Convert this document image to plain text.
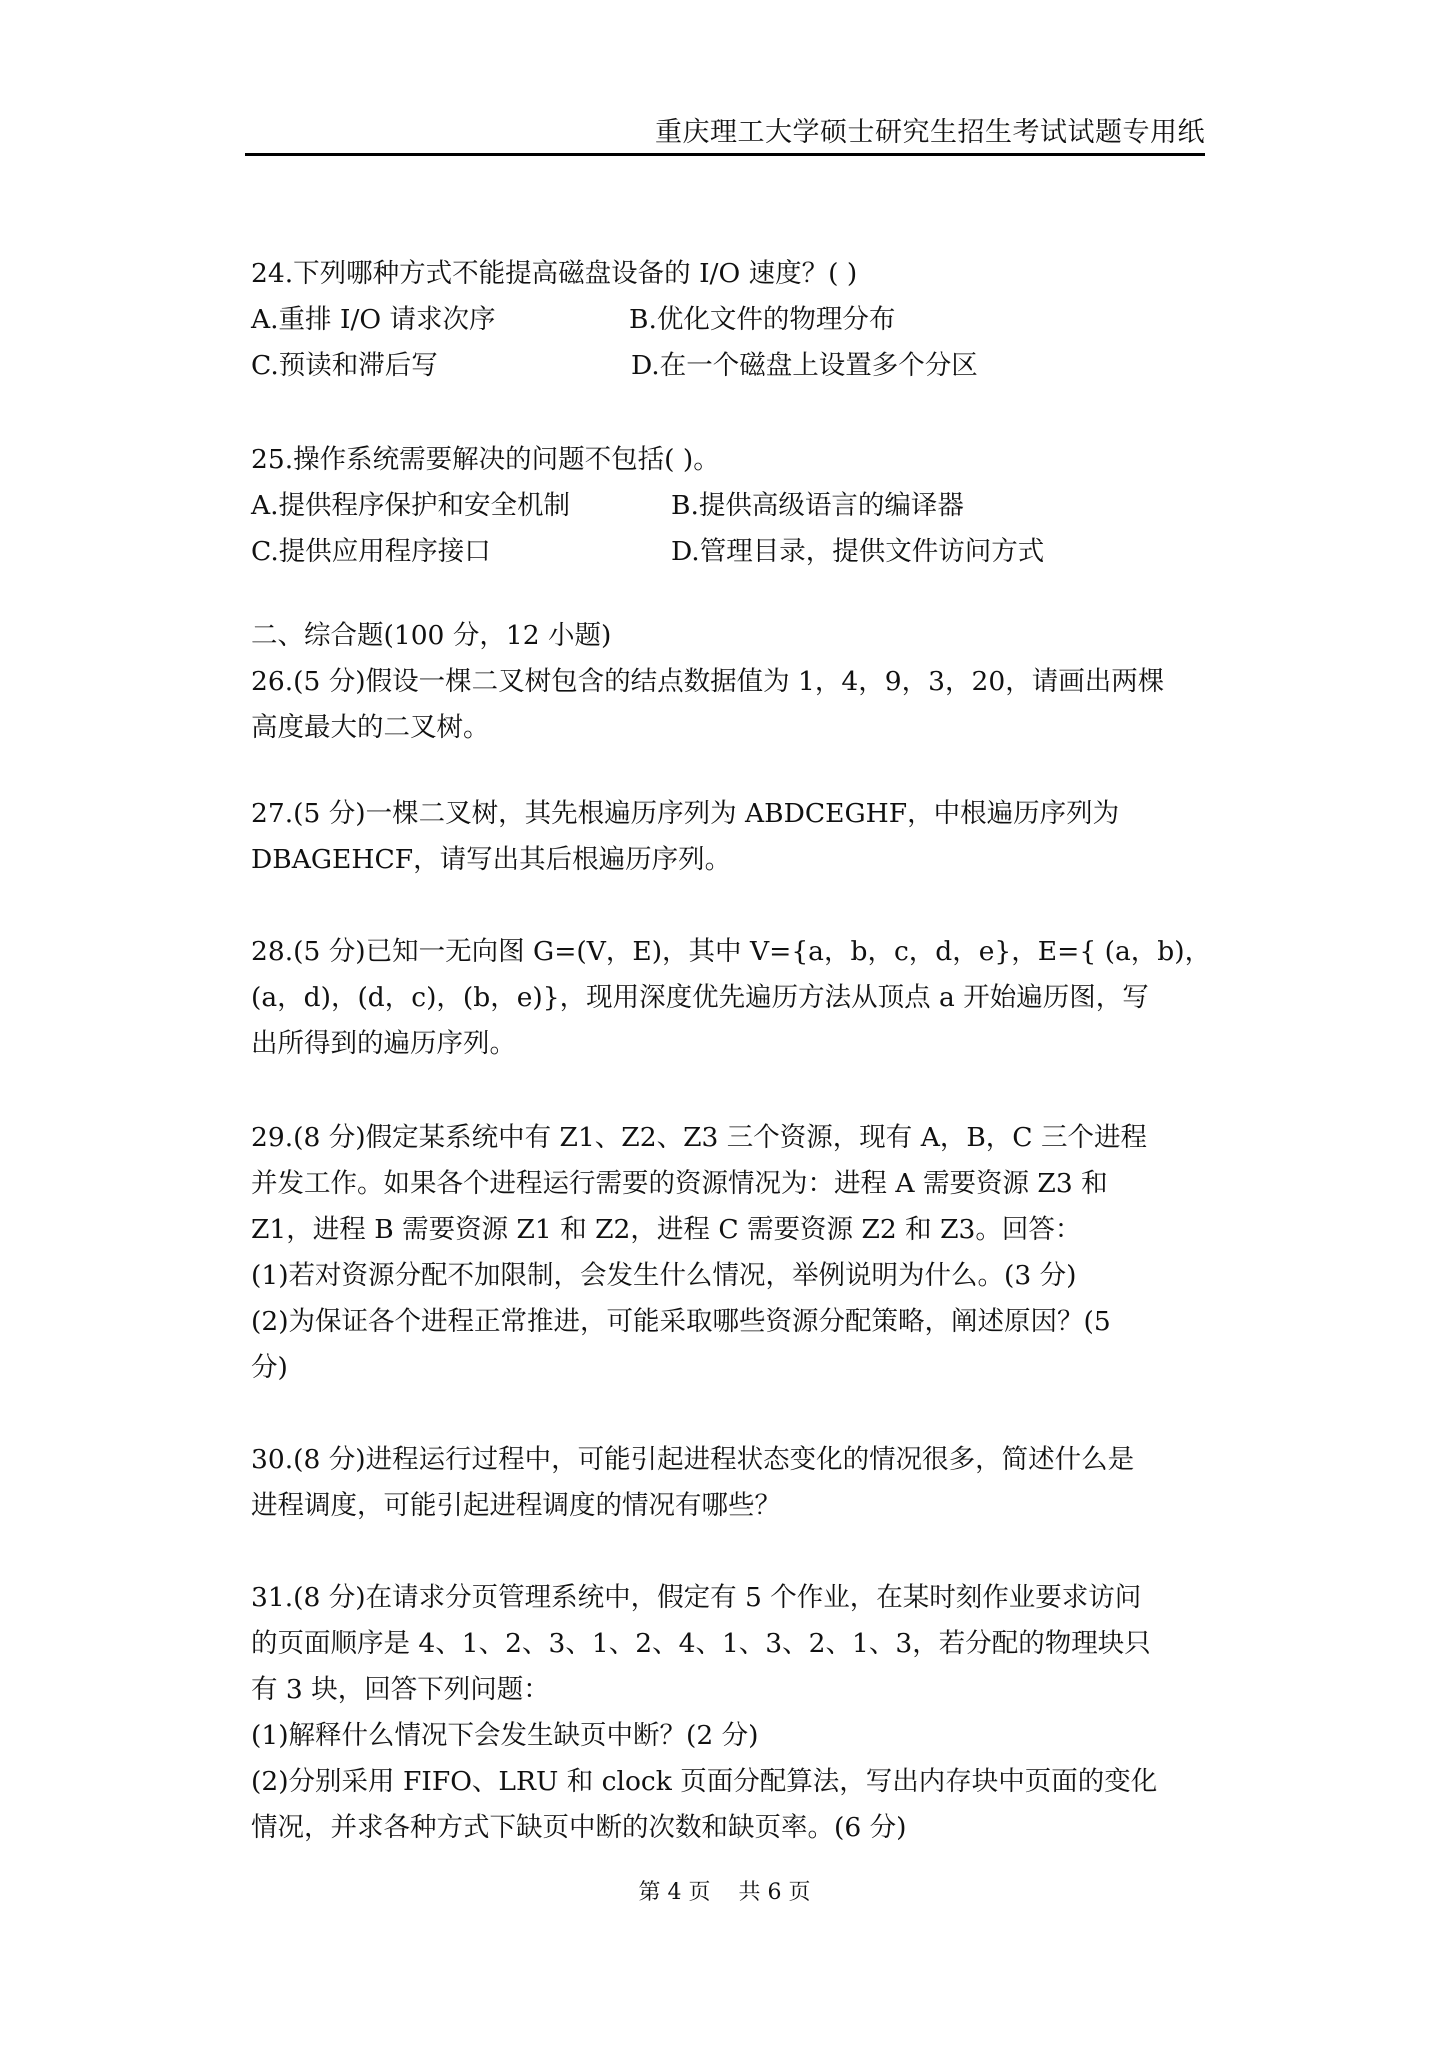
重庆理工大学硕士研究生招生考试试题专用纸
24.下列哪种方式不能提高磁盘设备的 I/O 速度？( )
A.重排 I/O 请求次序	B.优化文件的物理分布
C.预读和滞后写	D.在一个磁盘上设置多个分区
25.操作系统需要解决的问题不包括( )。
A.提供程序保护和安全机制	B.提供高级语言的编译器
C.提供应用程序接口	D.管理目录，提供文件访问方式
二、综合题(100 分，12 小题)
26.(5 分)假设一棵二叉树包含的结点数据值为 1，4，9，3，20，请画出两棵
高度最大的二叉树。
27.(5 分)一棵二叉树，其先根遍历序列为 ABDCEGHF，中根遍历序列为
DBAGEHCF，请写出其后根遍历序列。
28.(5 分)已知一无向图 G=(V，E)，其中 V={a，b，c，d，e}，E={ (a，b)，
(a，d)，(d，c)，(b，e)}，现用深度优先遍历方法从顶点 a 开始遍历图，写
出所得到的遍历序列。
29.(8 分)假定某系统中有 Z1、Z2、Z3 三个资源，现有 A，B，C 三个进程
并发工作。如果各个进程运行需要的资源情况为：进程 A 需要资源 Z3 和
Z1，进程 B 需要资源 Z1 和 Z2，进程 C 需要资源 Z2 和 Z3。回答：
(1)若对资源分配不加限制，会发生什么情况，举例说明为什么。(3 分)
(2)为保证各个进程正常推进，可能采取哪些资源分配策略，阐述原因？(5
分)
30.(8 分)进程运行过程中，可能引起进程状态变化的情况很多，简述什么是
进程调度，可能引起进程调度的情况有哪些？
31.(8 分)在请求分页管理系统中，假定有 5 个作业，在某时刻作业要求访问
的页面顺序是 4、1、2、3、1、2、4、1、3、2、1、3，若分配的物理块只
有 3 块，回答下列问题：
(1)解释什么情况下会发生缺页中断？(2 分)
(2)分别采用 FIFO、LRU 和 clock 页面分配算法，写出内存块中页面的变化
情况，并求各种方式下缺页中断的次数和缺页率。(6 分)
第 4 页    共 6 页
